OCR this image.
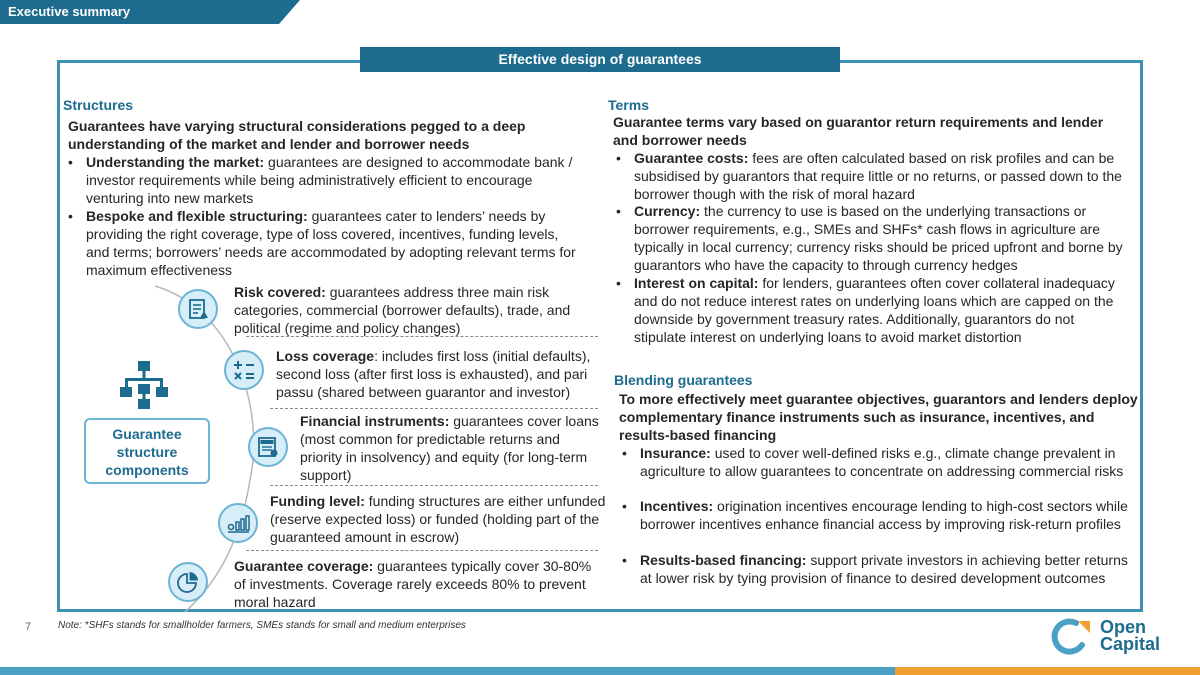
Executive summary
Effective design of guarantees
Structures
Guarantees have varying structural considerations pegged to a deep understanding of the market and lender and borrower needs
• Understanding the market: guarantees are designed to accommodate bank / investor requirements while being administratively efficient to encourage venturing into new markets
• Bespoke and flexible structuring: guarantees cater to lenders’ needs by providing the right coverage, type of loss covered, incentives, funding levels, and terms; borrowers’ needs are accommodated by adopting relevant terms for maximum effectiveness
Guarantee structure components
Risk covered: guarantees address three main risk categories, commercial (borrower defaults), trade, and political (regime and policy changes)
Loss coverage: includes first loss (initial defaults), second loss (after first loss is exhausted), and pari passu (shared between guarantor and investor)
Financial instruments: guarantees cover loans (most common for predictable returns and priority in insolvency) and equity (for long-term support)
Funding level: funding structures are either unfunded (reserve expected loss) or funded (holding part of the guaranteed amount in escrow)
Guarantee coverage: guarantees typically cover 30-80% of investments. Coverage rarely exceeds 80% to prevent moral hazard
Terms
Guarantee terms vary based on guarantor return requirements and lender and borrower needs
• Guarantee costs: fees are often calculated based on risk profiles and can be subsidised by guarantors that require little or no returns, or passed down to the borrower though with the risk of moral hazard
• Currency: the currency to use is based on the underlying transactions or borrower requirements, e.g., SMEs and SHFs* cash flows in agriculture are typically in local currency; currency risks should be priced upfront and borne by guarantors who have the capacity to through currency hedges
• Interest on capital: for lenders, guarantees often cover collateral inadequacy and do not reduce interest rates on underlying loans which are capped on the downside by government treasury rates. Additionally, guarantors do not stipulate interest on underlying loans to avoid market distortion
Blending guarantees
To more effectively meet guarantee objectives, guarantors and lenders deploy complementary finance instruments such as insurance, incentives, and results-based financing
• Insurance: used to cover well-defined risks e.g., climate change prevalent in agriculture to allow guarantees to concentrate on addressing commercial risks
• Incentives: origination incentives encourage lending to high-cost sectors while borrower incentives enhance financial access by improving risk-return profiles
• Results-based financing: support private investors in achieving better returns at lower risk by tying provision of finance to desired development outcomes
7	Note: *SHFs stands for smallholder farmers, SMEs stands for small and medium enterprises	Open
Capital
